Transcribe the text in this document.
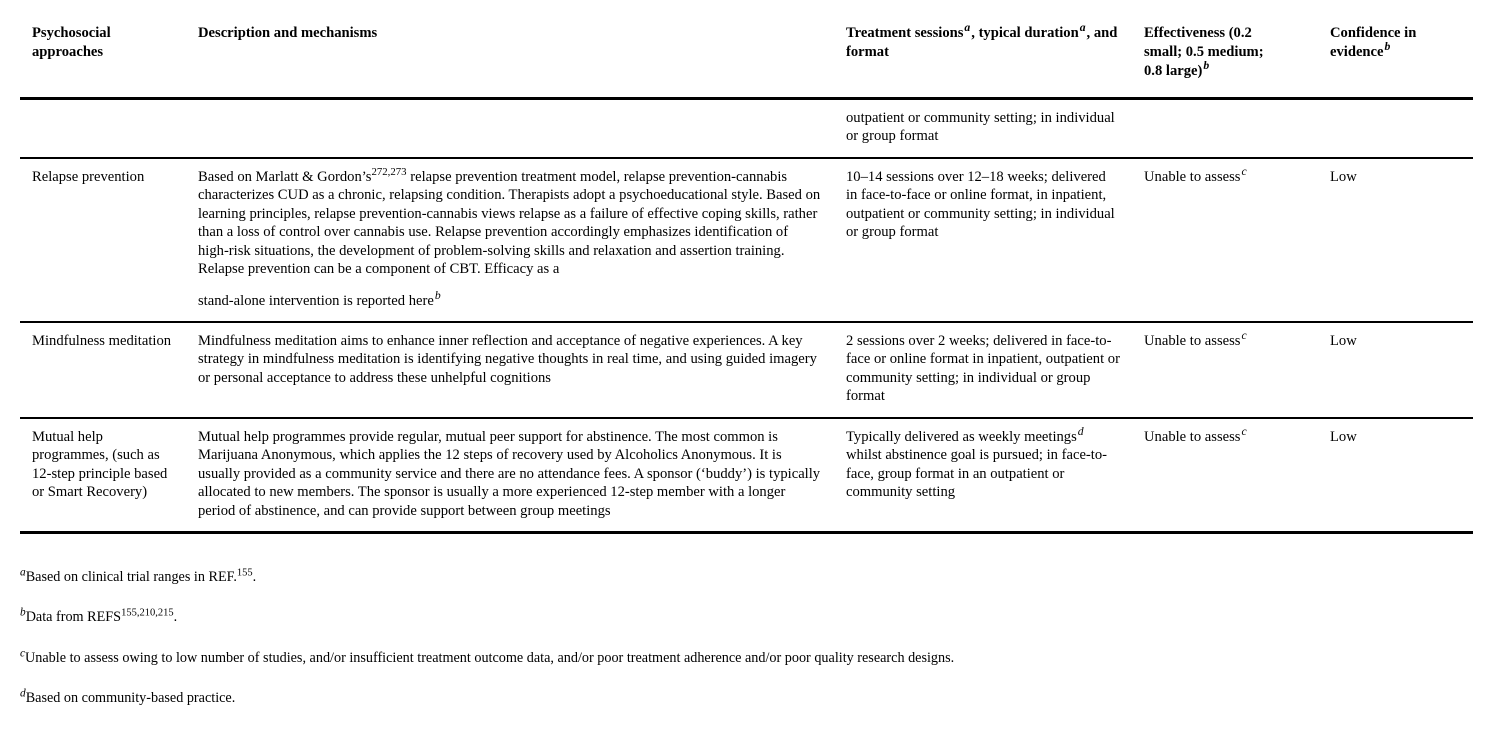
Psychosocial approaches	Description and mechanisms	Treatment sessions$^a$, typical duration$^a$, and format	Effectiveness (0.2
small; 0.5 medium;
0.8 large)$^b$	Confidence in
evidence$^b$

		outpatient or community setting; in individual or group format		

Relapse prevention	Based on Marlatt & Gordon’s$^{272,273}$ relapse prevention treatment model, relapse prevention-cannabis characterizes CUD as a chronic, relapsing condition. Therapists adopt a psychoeducational style. Based on learning principles, relapse prevention-cannabis views relapse as a failure of effective coping skills, rather than a loss of control over cannabis use. Relapse prevention accordingly emphasizes identification of high-risk situations, the development of problem-solving skills and relaxation and assertion training. Relapse prevention can be a component of CBT. Efficacy as a
stand-alone intervention is reported here$^b$	10–14 sessions over 12–18 weeks; delivered in face-to-face or online format, in inpatient, outpatient or community setting; in individual or group format	Unable to assess$^c$	Low

Mindfulness meditation	Mindfulness meditation aims to enhance inner reflection and acceptance of negative experiences. A key strategy in mindfulness meditation is identifying negative thoughts in real time, and using guided imagery or personal acceptance to address these unhelpful cognitions	2 sessions over 2 weeks; delivered in face-to-face or online format in inpatient, outpatient or community setting; in individual or group format	Unable to assess$^c$	Low

Mutual help programmes, (such as 12-step principle based or Smart Recovery)	Mutual help programmes provide regular, mutual peer support for abstinence. The most common is Marijuana Anonymous, which applies the 12 steps of recovery used by Alcoholics Anonymous. It is usually provided as a community service and there are no attendance fees. A sponsor (‘buddy’) is typically allocated to new members. The sponsor is usually a more experienced 12-step member with a longer period of abstinence, and can provide support between group meetings	Typically delivered as weekly meetings$^d$ whilst abstinence goal is pursued; in face-to-face, group format in an outpatient or community setting	Unable to assess$^c$	Low

$^a$Based on clinical trial ranges in REF.$^{155}$.

$^b$Data from REFS$^{155,210,215}$.

$^c$Unable to assess owing to low number of studies, and/or insufficient treatment outcome data, and/or poor treatment adherence and/or poor quality research designs.

$^d$Based on community-based practice.
